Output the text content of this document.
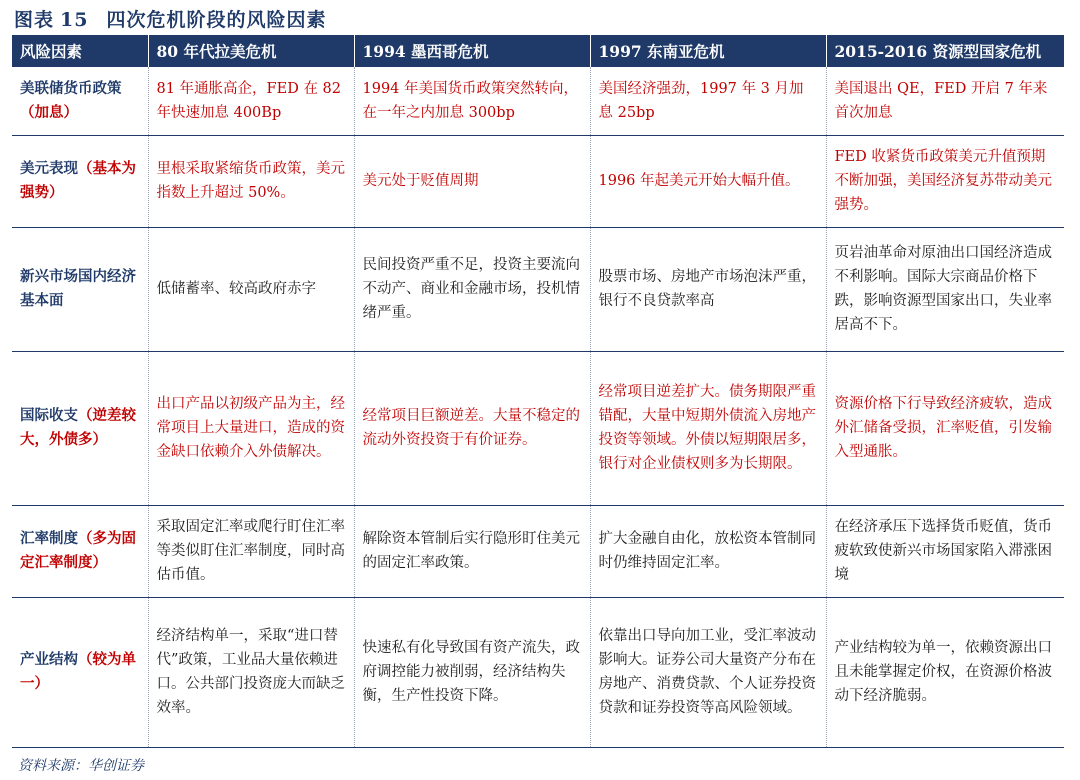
图表 15 四次危机阶段的风险因素
风险因素	80 年代拉美危机	1994 墨西哥危机	1997 东南亚危机	2015-2016 资源型国家危机
美联储货币政策（加息）	81 年通胀高企，FED 在 82 年快速加息 400Bp	1994 年美国货币政策突然转向，在一年之内加息 300bp	美国经济强劲，1997 年 3 月加息 25bp	美国退出 QE，FED 开启 7 年来首次加息
美元表现（基本为强势）	里根采取紧缩货币政策，美元指数上升超过 50%。	美元处于贬值周期	1996 年起美元开始大幅升值。	FED 收紧货币政策美元升值预期不断加强，美国经济复苏带动美元强势。
新兴市场国内经济基本面	低储蓄率、较高政府赤字	民间投资严重不足，投资主要流向不动产、商业和金融市场，投机情绪严重。	股票市场、房地产市场泡沫严重，银行不良贷款率高	页岩油革命对原油出口国经济造成不利影响。国际大宗商品价格下跌，影响资源型国家出口，失业率居高不下。
国际收支（逆差较大，外债多）	出口产品以初级产品为主，经常项目上大量进口，造成的资金缺口依赖介入外债解决。	经常项目巨额逆差。大量不稳定的流动外资投资于有价证券。	经常项目逆差扩大。债务期限严重错配，大量中短期外债流入房地产投资等领域。外债以短期限居多，银行对企业债权则多为长期限。	资源价格下行导致经济疲软，造成外汇储备受损，汇率贬值，引发输入型通胀。
汇率制度（多为固定汇率制度）	采取固定汇率或爬行盯住汇率等类似盯住汇率制度，同时高估币值。	解除资本管制后实行隐形盯住美元的固定汇率政策。	扩大金融自由化，放松资本管制同时仍维持固定汇率。	在经济承压下选择货币贬值，货币疲软致使新兴市场国家陷入滞涨困境
产业结构（较为单一）	经济结构单一，采取“进口替代”政策，工业品大量依赖进口。公共部门投资庞大而缺乏效率。	快速私有化导致国有资产流失，政府调控能力被削弱，经济结构失衡，生产性投资下降。	依靠出口导向加工业，受汇率波动影响大。证券公司大量资产分布在房地产、消费贷款、个人证券投资贷款和证券投资等高风险领域。	产业结构较为单一，依赖资源出口且未能掌握定价权，在资源价格波动下经济脆弱。
资料来源：华创证券
